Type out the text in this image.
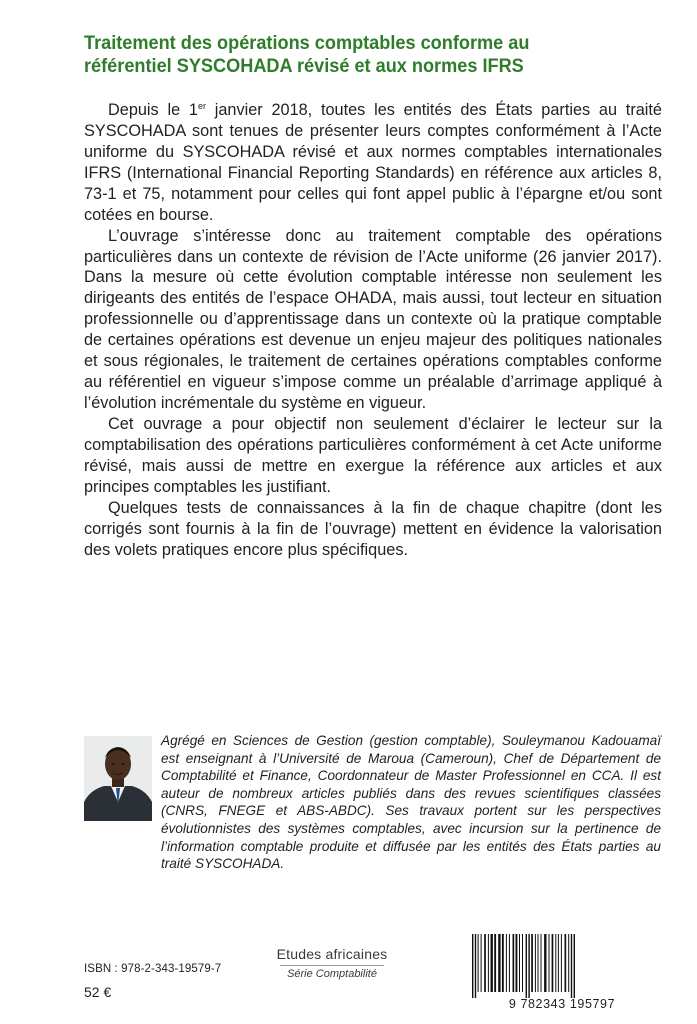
Traitement des opérations comptables conforme au
référentiel SYSCOHADA révisé et aux normes IFRS

Depuis le 1er janvier 2018, toutes les entités des États parties au traité SYSCOHADA sont tenues de présenter leurs comptes conformément à l’Acte uniforme du SYSCOHADA révisé et aux normes comptables internationales IFRS (International Financial Reporting Standards) en référence aux articles 8, 73-1 et 75, notamment pour celles qui font appel public à l’épargne et/ou sont cotées en bourse.

L’ouvrage s’intéresse donc au traitement comptable des opérations particulières dans un contexte de révision de l’Acte uniforme (26 janvier 2017). Dans la mesure où cette évolution comptable intéresse non seulement les dirigeants des entités de l’espace OHADA, mais aussi, tout lecteur en situation professionnelle ou d’apprentissage dans un contexte où la pratique comptable de certaines opérations est devenue un enjeu majeur des politiques nationales et sous régionales, le traitement de certaines opérations comptables conforme au référentiel en vigueur s’impose comme un préalable d’arrimage appliqué à l’évolution incrémentale du système en vigueur.

Cet ouvrage a pour objectif non seulement d’éclairer le lecteur sur la comptabilisation des opérations particulières conformément à cet Acte uniforme révisé, mais aussi de mettre en exergue la référence aux articles et aux principes comptables les justifiant.

Quelques tests de connaissances à la fin de chaque chapitre (dont les corrigés sont fournis à la fin de l’ouvrage) mettent en évidence la valorisation des volets pratiques encore plus spécifiques.

Agrégé en Sciences de Gestion (gestion comptable), Souleymanou Kadouamaï est enseignant à l’Université de Maroua (Cameroun), Chef de Département de Comptabilité et Finance, Coordonnateur de Master Professionnel en CCA. Il est auteur de nombreux articles publiés dans des revues scientifiques classées (CNRS, FNEGE et ABS-ABDC). Ses travaux portent sur les perspectives évolutionnistes des systèmes comptables, avec incursion sur la pertinence de l’information comptable produite et diffusée par les entités des États parties au traité SYSCOHADA.

ISBN : 978-2-343-19579-7
52 €
Etudes africaines
Série Comptabilité
9 782343 195797
